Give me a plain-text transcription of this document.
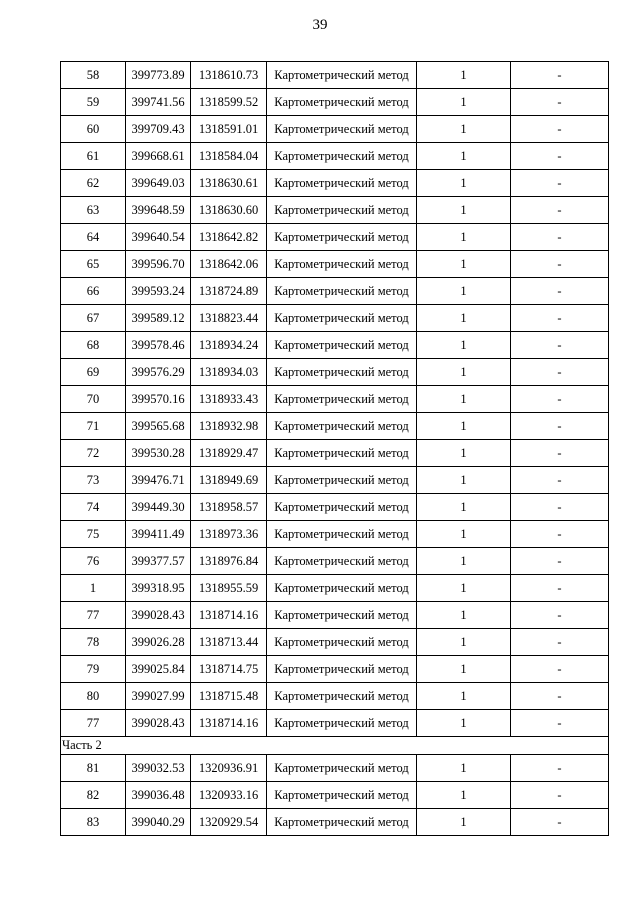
39
58	399773.89	1318610.73	Картометрический метод	1	-
59	399741.56	1318599.52	Картометрический метод	1	-
60	399709.43	1318591.01	Картометрический метод	1	-
61	399668.61	1318584.04	Картометрический метод	1	-
62	399649.03	1318630.61	Картометрический метод	1	-
63	399648.59	1318630.60	Картометрический метод	1	-
64	399640.54	1318642.82	Картометрический метод	1	-
65	399596.70	1318642.06	Картометрический метод	1	-
66	399593.24	1318724.89	Картометрический метод	1	-
67	399589.12	1318823.44	Картометрический метод	1	-
68	399578.46	1318934.24	Картометрический метод	1	-
69	399576.29	1318934.03	Картометрический метод	1	-
70	399570.16	1318933.43	Картометрический метод	1	-
71	399565.68	1318932.98	Картометрический метод	1	-
72	399530.28	1318929.47	Картометрический метод	1	-
73	399476.71	1318949.69	Картометрический метод	1	-
74	399449.30	1318958.57	Картометрический метод	1	-
75	399411.49	1318973.36	Картометрический метод	1	-
76	399377.57	1318976.84	Картометрический метод	1	-
1	399318.95	1318955.59	Картометрический метод	1	-
77	399028.43	1318714.16	Картометрический метод	1	-
78	399026.28	1318713.44	Картометрический метод	1	-
79	399025.84	1318714.75	Картометрический метод	1	-
80	399027.99	1318715.48	Картометрический метод	1	-
77	399028.43	1318714.16	Картометрический метод	1	-
Часть 2					
81	399032.53	1320936.91	Картометрический метод	1	-
82	399036.48	1320933.16	Картометрический метод	1	-
83	399040.29	1320929.54	Картометрический метод	1	-
